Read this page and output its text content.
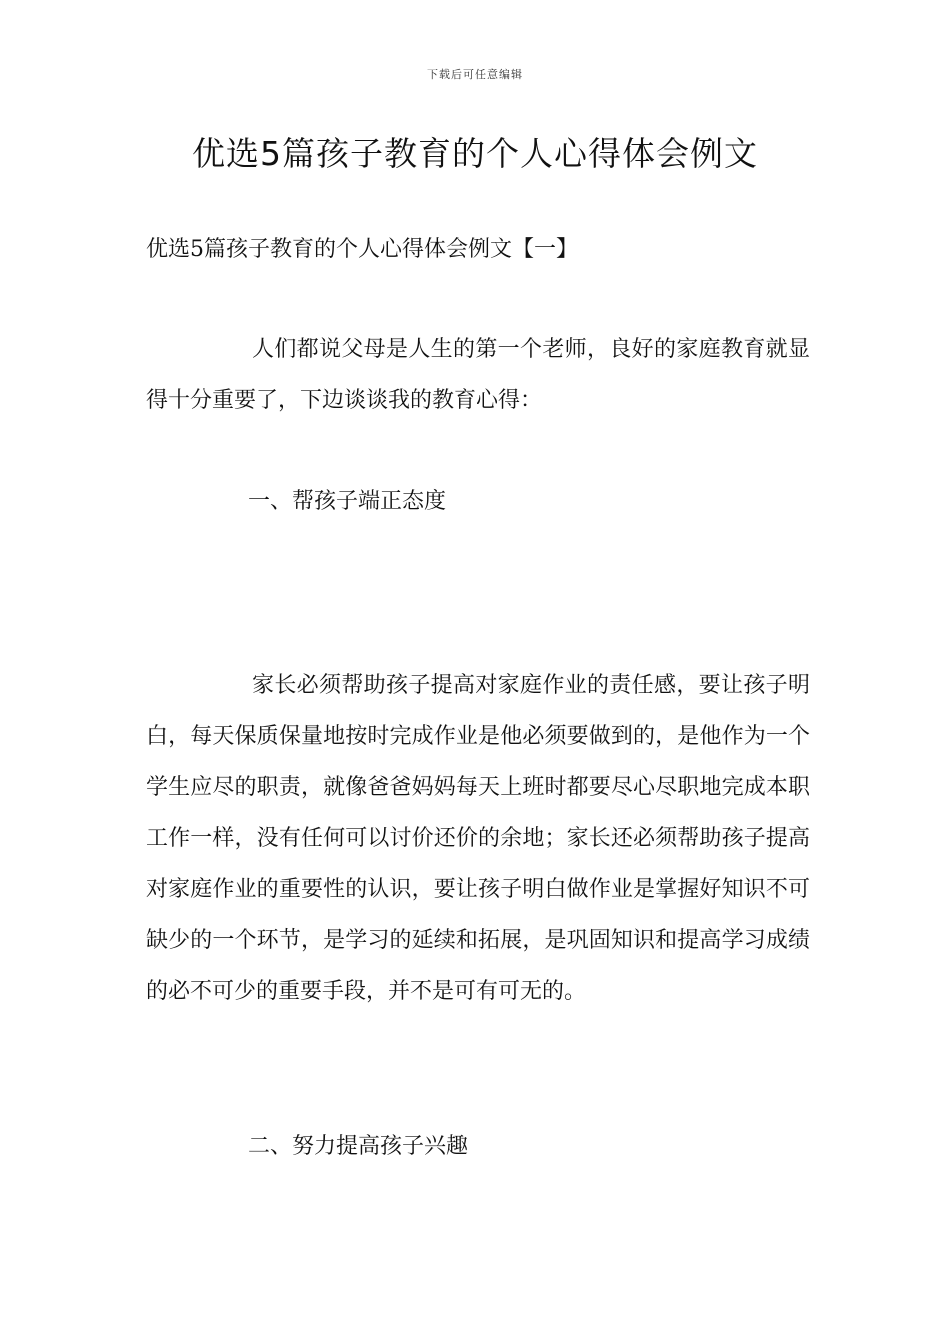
下载后可任意编辑
优选5篇孩子教育的个人心得体会例文
优选5篇孩子教育的个人心得体会例文【一】

人们都说父母是人生的第一个老师，良好的家庭教育就显得十分重要了，下边谈谈我的教育心得：

一、帮孩子端正态度

家长必须帮助孩子提高对家庭作业的责任感，要让孩子明白，每天保质保量地按时完成作业是他必须要做到的，是他作为一个学生应尽的职责，就像爸爸妈妈每天上班时都要尽心尽职地完成本职工作一样，没有任何可以讨价还价的余地；家长还必须帮助孩子提高对家庭作业的重要性的认识，要让孩子明白做作业是掌握好知识不可缺少的一个环节，是学习的延续和拓展，是巩固知识和提高学习成绩的必不可少的重要手段，并不是可有可无的。

二、努力提高孩子兴趣
